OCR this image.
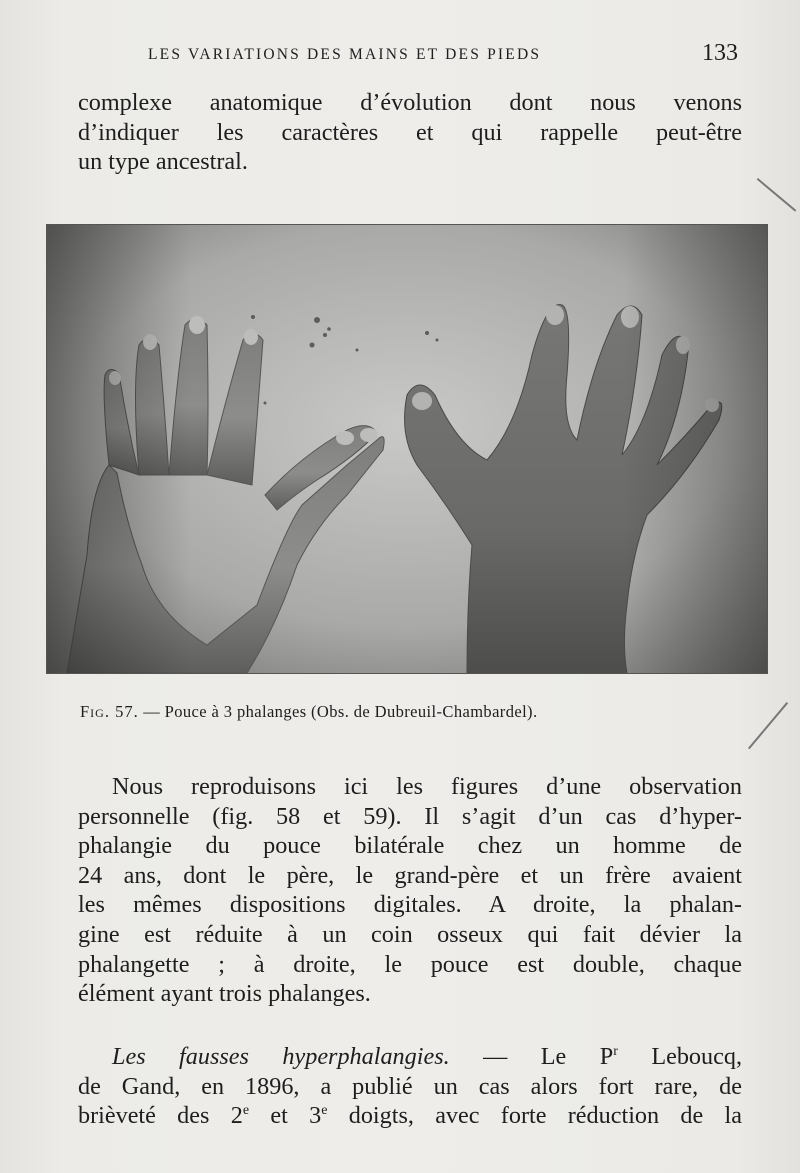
LES VARIATIONS DES MAINS ET DES PIEDS	133

complexe anatomique d’évolution dont nous venons
d’indiquer les caractères et qui rappelle peut-être
un type ancestral.

Fig. 57. — Pouce à 3 phalanges (Obs. de Dubreuil-Chambardel).

Nous reproduisons ici les figures d’une observation
personnelle (fig. 58 et 59). Il s’agit d’un cas d’hyper-
phalangie du pouce bilatérale chez un homme de
24 ans, dont le père, le grand-père et un frère avaient
les mêmes dispositions digitales. A droite, la phalan-
gine est réduite à un coin osseux qui fait dévier la
phalangette ; à droite, le pouce est double, chaque
élément ayant trois phalanges.

Les fausses hyperphalangies. — Le $P^r$ Leboucq,
de Gand, en 1896, a publié un cas alors fort rare, de
brièveté des 2e et 3e doigts, avec forte réduction de la
